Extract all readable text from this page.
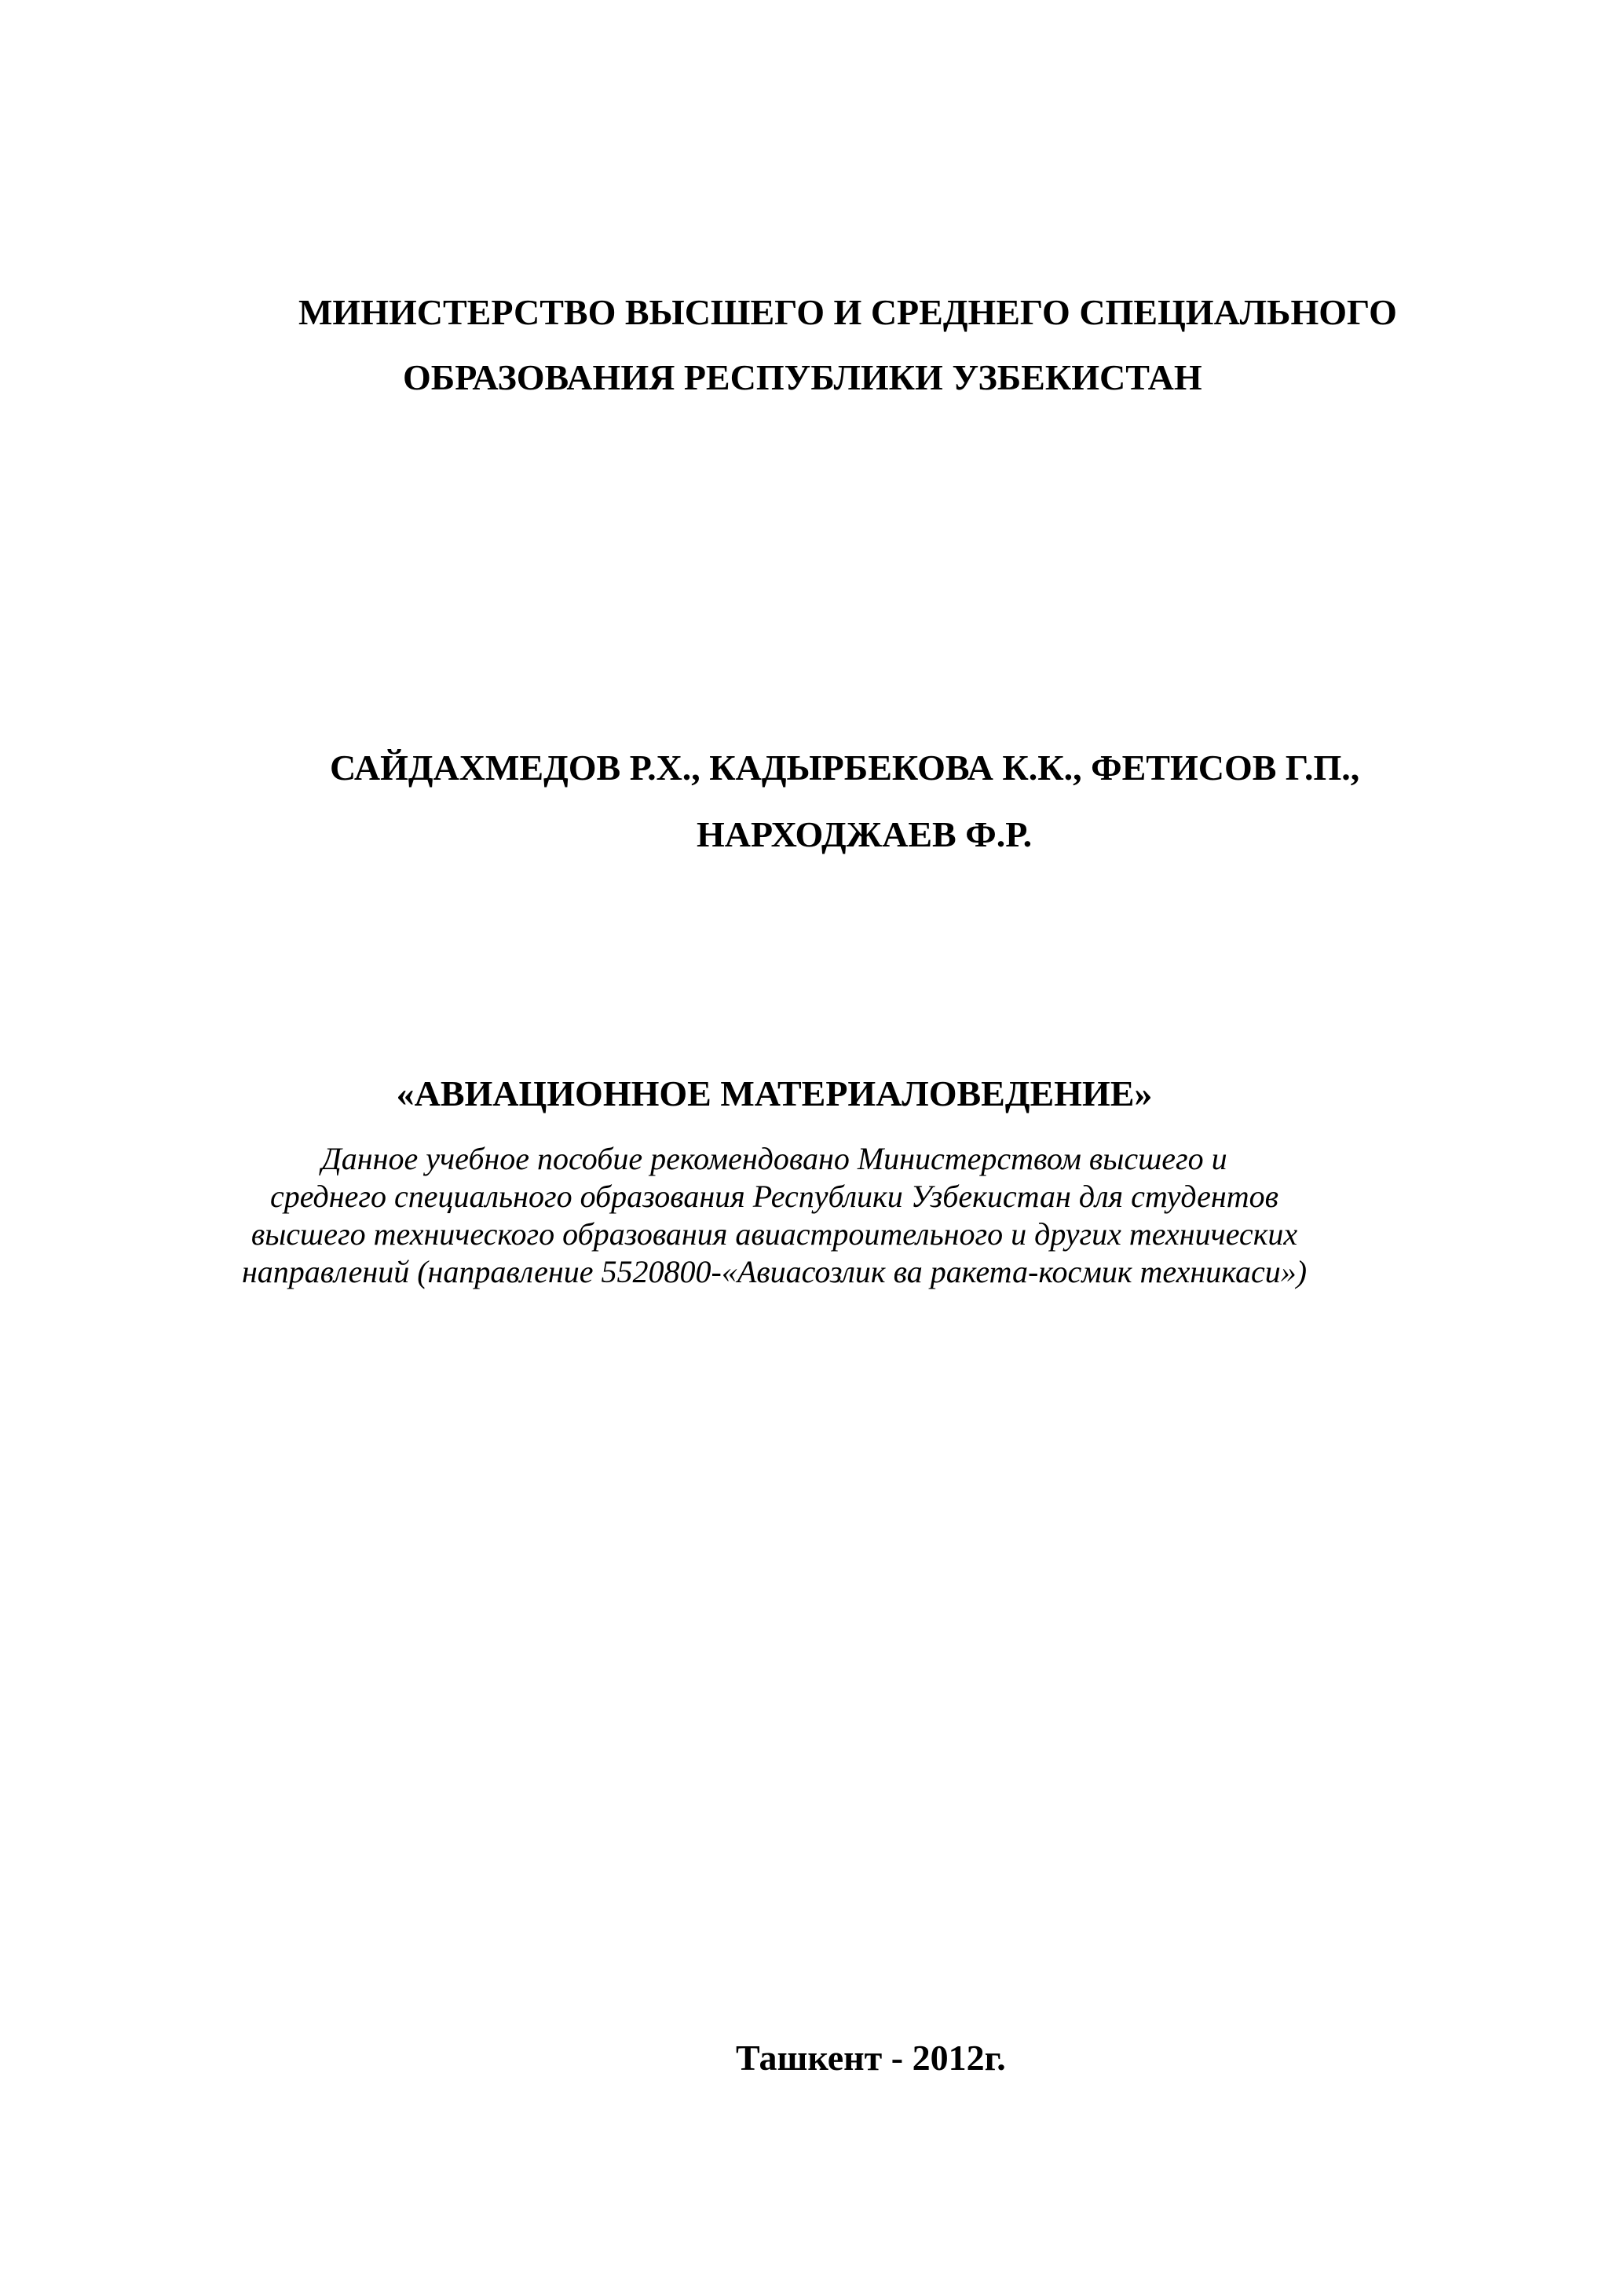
МИНИСТЕРСТВО ВЫСШЕГО И СРЕДНЕГО СПЕЦИАЛЬНОГО
ОБРАЗОВАНИЯ РЕСПУБЛИКИ УЗБЕКИСТАН
САЙДАХМЕДОВ Р.Х., КАДЫРБЕКОВА К.К., ФЕТИСОВ Г.П.,
НАРХОДЖАЕВ Ф.Р.
«АВИАЦИОННОЕ МАТЕРИАЛОВЕДЕНИЕ»
Данное учебное пособие рекомендовано Министерством высшего и
среднего специального образования Республики Узбекистан для студентов
высшего технического образования авиастроительного и других технических
направлений (направление 5520800-«Авиасозлик ва ракета-космик техникаси»)
Ташкент - 2012г.
